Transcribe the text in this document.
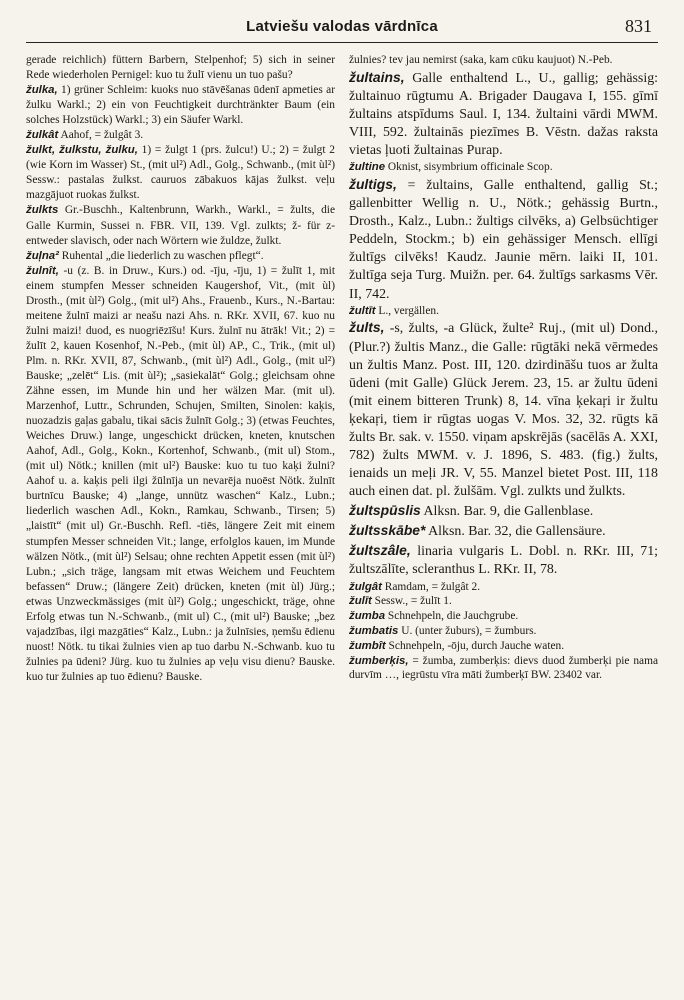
Latviešu valodas vārdnīca	831

gerade reichlich) füttern Barbern, Stelpenhof; 5) sich in seiner Rede wiederholen Pernigel: kuo tu žulī vienu un tuo pašu?

žulka, 1) grüner Schleim: kuoks nuo stāvēšanas ūdenī apmeties ar žulku Warkl.; 2) ein von Feuchtigkeit durchtränkter Baum (ein solches Holzstück) Warkl.; 3) ein Säufer Warkl.

žulkât Aahof, = žulgât 3.

žulkt, žulkstu, žulku, 1) = žulgt 1 (prs. žulcu!) U.; 2) = žulgt 2 (wie Korn im Wasser) St., (mit ul²) Adl., Golg., Schwanb., (mit ùl²) Sessw.: pastalas žulkst. cauruos zābakuos kājas žulkst. veļu mazgājuot ruokas žulkst.

žulkts Gr.-Buschh., Kaltenbrunn, Warkh., Warkl., = žults, die Galle Kurmin, Sussei n. FBR. VII, 139. Vgl. zulkts; ž- für z- entweder slavisch, oder nach Wörtern wie žuldze, žulkt.

žuļna² Ruhental „die liederlich zu waschen pflegt“.

žulnît, -u (z. B. in Druw., Kurs.) od. -īju, -īju, 1) = žulīt 1, mit einem stumpfen Messer schneiden Kaugershof, Vit., (mit ùl) Drosth., (mit ùl²) Golg., (mit ul²) Ahs., Frauenb., Kurs., N.-Bartau: meitene žulnī maizi ar neašu nazi Ahs. n. RKr. XVII, 67. kuo nu žulni maizi! duod, es nuogriēzīšu! Kurs. žulnī nu ātrāk! Vit.; 2) = žulīt 2, kauen Kosenhof, N.-Peb., (mit ùl) AP., C., Trik., (mit ul) Plm. n. RKr. XVII, 87, Schwanb., (mit ùl²) Adl., Golg., (mit ul²) Bauske; „zelēt“ Lis. (mit ùl²); „sasiekalāt“ Golg.; gleichsam ohne Zähne essen, im Munde hin und her wälzen Mar. (mit ul). Marzenhof, Luttr., Schrunden, Schujen, Smilten, Sinolen: kaķis, nuozadzis gaļas gabalu, tikai sācis žulnīt Golg.; 3) (etwas Feuchtes, Weiches Druw.) lange, ungeschickt drücken, kneten, knutschen Aahof, Adl., Golg., Kokn., Kortenhof, Schwanb., (mit ul) Stom., (mit ul) Nötk.; knillen (mit ul²) Bauske: kuo tu tuo kaķi žulni? Aahof u. a. kaķis peli ilgi žūlnīja un nevarēja nuoēst Nötk. žulnīt burtnīcu Bauske; 4) „lange, unnütz waschen“ Kalz., Lubn.; liederlich waschen Adl., Kokn., Ramkau, Schwanb., Tirsen; 5) „laistīt“ (mit ul) Gr.-Buschh. Refl. -tiēs, längere Zeit mit einem stumpfen Messer schneiden Vit.; lange, erfolglos kauen, im Munde wälzen Nötk., (mit ùl²) Selsau; ohne rechten Appetit essen (mit ùl²) Lubn.; „sich träge, langsam mit etwas Weichem und Feuchtem befassen“ Druw.; (längere Zeit) drücken, kneten (mit ùl) Jürg.; etwas Unzweckmässiges (mit ùl²) Golg.; ungeschickt, träge, ohne Erfolg etwas tun N.-Schwanb., (mit ul) C., (mit ul²) Bauske; „bez vajadzības, ilgi mazgāties“ Kalz., Lubn.: ja žulnīsies, ņemšu ēdienu nuost! Nötk. tu tikai žulnies vien ap tuo darbu N.-Schwanb. kuo tu žulnies pa ūdeni? Jürg. kuo tu žulnies ap veļu visu dienu? Bauske. kuo tur žulnies ap tuo ēdienu? Bauske.

žulnies? tev jau nemirst (saka, kam cūku kaujuot) N.-Peb.

žultains, Galle enthaltend L., U., gallig; gehässig: žultainuo rūgtumu A. Brigader Daugava I, 155. gīmī žultains atspīdums Saul. I, 134. žultaini vārdi MWM. VIII, 592. žultainās piezīmes B. Vēstn. dažas raksta vietas ļuoti žultainas Purap.

žultine Oknist, sisymbrium officinale Scop.

žultigs, = žultains, Galle enthaltend, gallig St.; gallenbitter Wellig n. U., Nötk.; gehässig Burtn., Drosth., Kalz., Lubn.: žultigs cilvēks, a) Gelbsüchtiger Peddeln, Stockm.; b) ein gehässiger Mensch. ellīgi žultīgs cilvēks! Kaudz. Jaunie mērn. laiki II, 101. žultīga seja Turg. Muižn. per. 64. žultīgs sarkasms Vēr. II, 742.

žultīt L., vergällen.

žults, -s, žults, -a Glück, žulte² Ruj., (mit ul) Dond., (Plur.?) žultis Manz., die Galle: rūgtāki nekā vērmedes un žultis Manz. Post. III, 120. dzirdināšu tuos ar žulta ūdeni (mit Galle) Glück Jerem. 23, 15. ar žultu ūdeni (mit einem bitteren Trunk) 8, 14. vīna ķekaŗi ir žultu ķekaŗi, tiem ir rūgtas uogas V. Mos. 32, 32. rūgts kā žults Br. sak. v. 1550. viņam apskrējās (sacēlās A. XXI, 782) žults MWM. v. J. 1896, S. 483. (fig.) žults, ienaids un meļi JR. V, 55. Manzel bietet Post. III, 118 auch einen dat. pl. žulšām. Vgl. zulkts und žulkts.

žultspūslis Alksn. Bar. 9, die Gallenblase.

žultsskābe* Alksn. Bar. 32, die Gallensäure.

žultszâle, linaria vulgaris L. Dobl. n. RKr. III, 71; žultszālīte, scleranthus L. RKr. II, 78.

žulgât Ramdam, = žulgât 2.

žulīt Sessw., = žulīt 1.

žumba Schnehpeln, die Jauchgrube.

žumbatis U. (unter žuburs), = žumburs.

žumbît Schnehpeln, -ōju, durch Jauche waten.

žumberķis, = žumba, zumberķis: dievs duod žumberķi pie nama durvīm …, iegrūstu vīra māti žumberķī BW. 23402 var.
